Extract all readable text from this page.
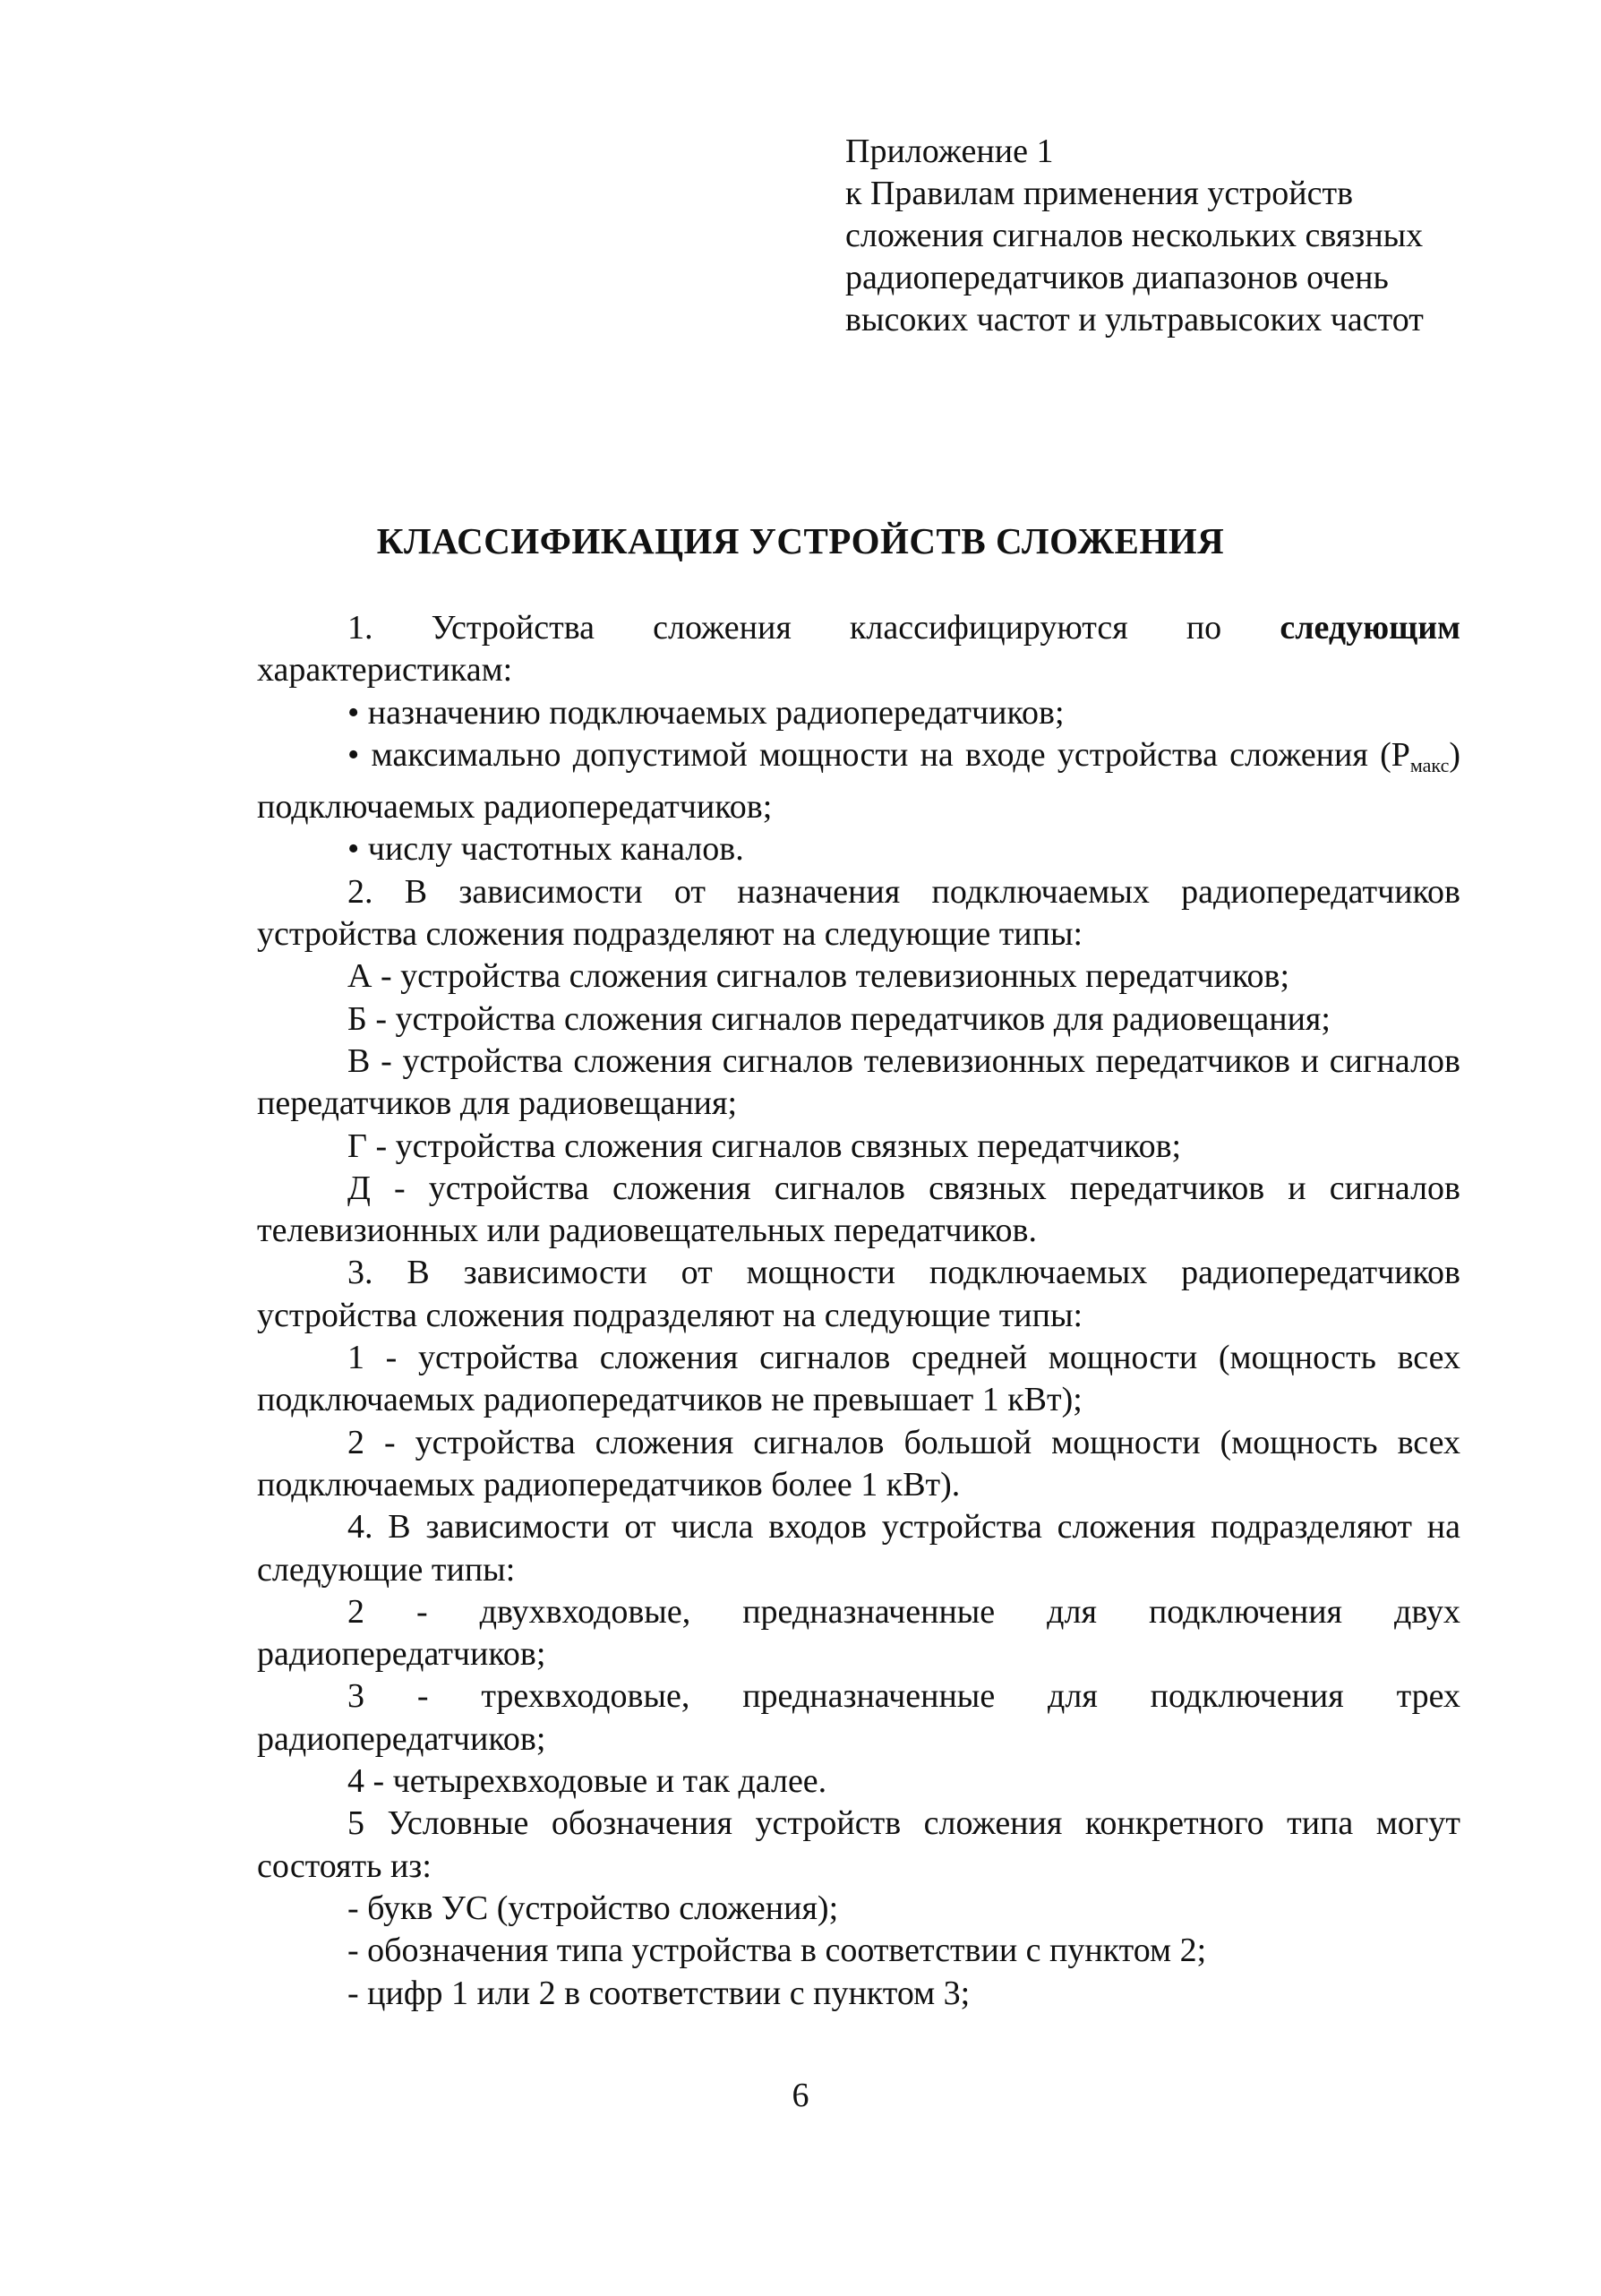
Приложение 1
к Правилам применения устройств
сложения сигналов нескольких связных
радиопередатчиков диапазонов очень
высоких частот и ультравысоких частот
КЛАССИФИКАЦИЯ УСТРОЙСТВ СЛОЖЕНИЯ

1. Устройства сложения классифицируются по следующим характеристикам:

• назначению подключаемых радиопередатчиков;

• максимально допустимой мощности на входе устройства сложения $(P_{макс})$ подключаемых радиопередатчиков;

• числу частотных каналов.

2. В зависимости от назначения подключаемых радиопередатчиков устройства сложения подразделяют на следующие типы:

А - устройства сложения сигналов телевизионных передатчиков;

Б - устройства сложения сигналов передатчиков для радиовещания;

В - устройства сложения сигналов телевизионных передатчиков и сигналов передатчиков для радиовещания;

Г - устройства сложения сигналов связных передатчиков;

Д - устройства сложения сигналов связных передатчиков и сигналов телевизионных или радиовещательных передатчиков.

3. В зависимости от мощности подключаемых радиопередатчиков устройства сложения подразделяют на следующие типы:

1 - устройства сложения сигналов средней мощности (мощность всех подключаемых радиопередатчиков не превышает 1 кВт);

2 - устройства сложения сигналов большой мощности (мощность всех подключаемых радиопередатчиков более 1 кВт).

4. В зависимости от числа входов устройства сложения подразделяют на следующие типы:

2 - двухвходовые, предназначенные для подключения двух радиопередатчиков;

3 - трехвходовые, предназначенные для подключения трех радиопередатчиков;

4 - четырехвходовые и так далее.

5 Условные обозначения устройств сложения конкретного типа могут состоять из:

- букв УС (устройство сложения);

- обозначения типа устройства в соответствии с пунктом 2;

- цифр 1 или 2 в соответствии с пунктом 3;

6
